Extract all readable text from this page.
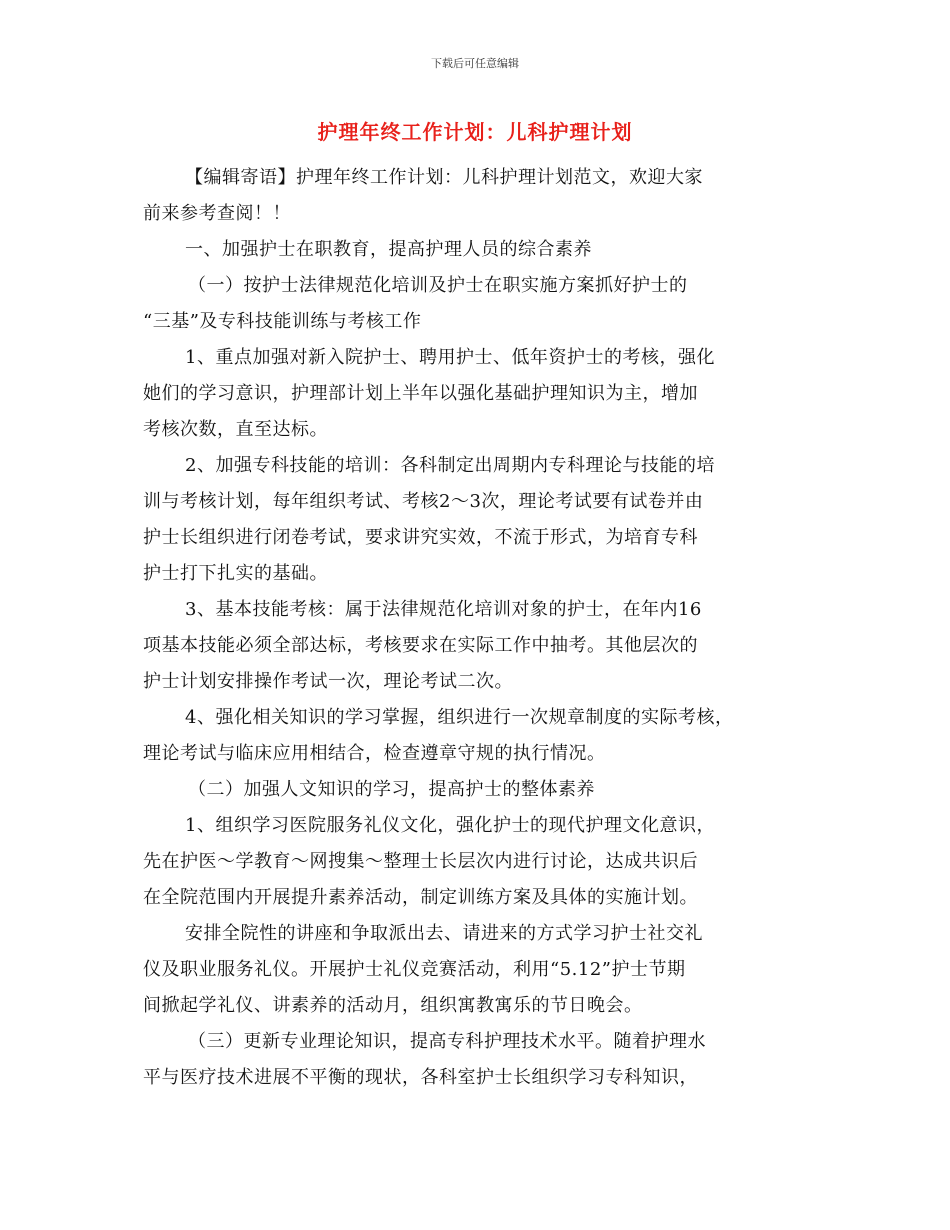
下载后可任意编辑
护理年终工作计划：儿科护理计划
【编辑寄语】护理年终工作计划：儿科护理计划范文，欢迎大家
前来参考查阅！！
一、加强护士在职教育，提高护理人员的综合素养
（一）按护士法律规范化培训及护士在职实施方案抓好护士的
“三基”及专科技能训练与考核工作
1、重点加强对新入院护士、聘用护士、低年资护士的考核，强化
她们的学习意识，护理部计划上半年以强化基础护理知识为主，增加
考核次数，直至达标。
2、加强专科技能的培训：各科制定出周期内专科理论与技能的培
训与考核计划，每年组织考试、考核2～3次，理论考试要有试卷并由
护士长组织进行闭卷考试，要求讲究实效，不流于形式，为培育专科
护士打下扎实的基础。
3、基本技能考核：属于法律规范化培训对象的护士，在年内16
项基本技能必须全部达标，考核要求在实际工作中抽考。其他层次的
护士计划安排操作考试一次，理论考试二次。
4、强化相关知识的学习掌握，组织进行一次规章制度的实际考核，
理论考试与临床应用相结合，检查遵章守规的执行情况。
（二）加强人文知识的学习，提高护士的整体素养
1、组织学习医院服务礼仪文化，强化护士的现代护理文化意识，
先在护医～学教育～网搜集～整理士长层次内进行讨论，达成共识后
在全院范围内开展提升素养活动，制定训练方案及具体的实施计划。
安排全院性的讲座和争取派出去、请进来的方式学习护士社交礼
仪及职业服务礼仪。开展护士礼仪竞赛活动，利用“5.12”护士节期
间掀起学礼仪、讲素养的活动月，组织寓教寓乐的节日晚会。
（三）更新专业理论知识，提高专科护理技术水平。随着护理水
平与医疗技术进展不平衡的现状，各科室护士长组织学习专科知识，
